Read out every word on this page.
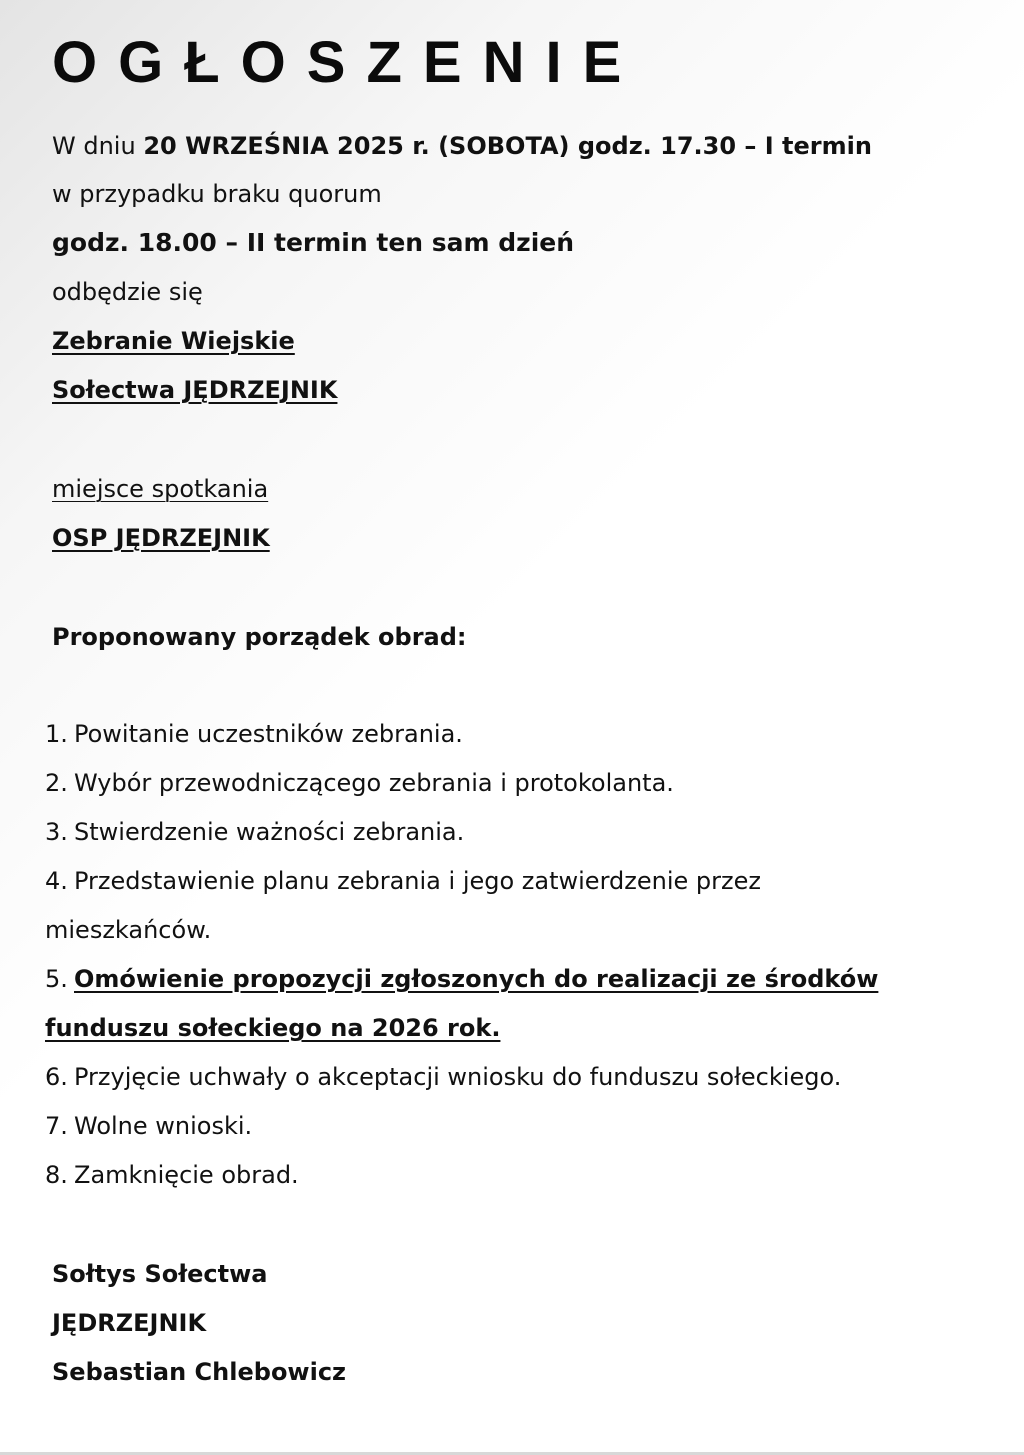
OGŁOSZENIE
W dniu 20 WRZEŚNIA 2025 r. (SOBOTA) godz. 17.30 – I termin
w przypadku braku quorum
godz. 18.00 – II termin ten sam dzień
odbędzie się
Zebranie Wiejskie
Sołectwa JĘDRZEJNIK
miejsce spotkania
OSP JĘDRZEJNIK
Proponowany porządek obrad:
1. Powitanie uczestników zebrania.
2. Wybór przewodniczącego zebrania i protokolanta.
3. Stwierdzenie ważności zebrania.
4. Przedstawienie planu zebrania i jego zatwierdzenie przez
mieszkańców.
5. Omówienie propozycji zgłoszonych do realizacji ze środków
funduszu sołeckiego na 2026 rok.
6. Przyjęcie uchwały o akceptacji wniosku do funduszu sołeckiego.
7. Wolne wnioski.
8. Zamknięcie obrad.
Sołtys Sołectwa
JĘDRZEJNIK
Sebastian Chlebowicz
